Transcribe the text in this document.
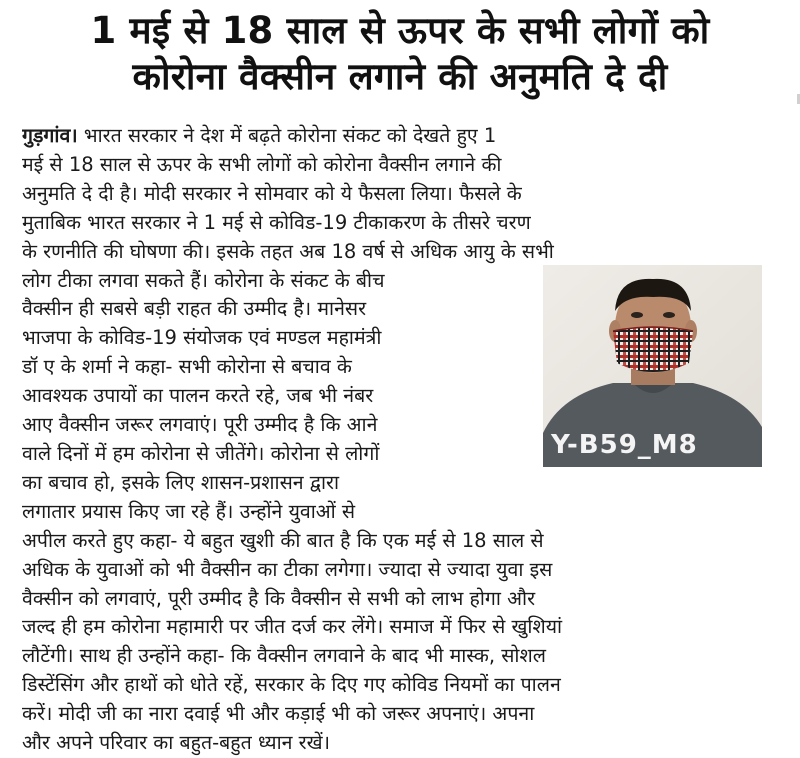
1 मई से 18 साल से ऊपर के सभी लोगों को
कोरोना वैक्सीन लगाने की अनुमति दे दी
गुड़गांव। भारत सरकार ने देश में बढ़ते कोरोना संकट को देखते हुए 1
मई से 18 साल से ऊपर के सभी लोगों को कोरोना वैक्सीन लगाने की
अनुमति दे दी है। मोदी सरकार ने सोमवार को ये फैसला लिया। फैसले के
मुताबिक भारत सरकार ने 1 मई से कोविड-19 टीकाकरण के तीसरे चरण
के रणनीति की घोषणा की। इसके तहत अब 18 वर्ष से अधिक आयु के सभी
लोग टीका लगवा सकते हैं। कोरोना के संकट के बीच
वैक्सीन ही सबसे बड़ी राहत की उम्मीद है। मानेसर
भाजपा के कोविड-19 संयोजक एवं मण्डल महामंत्री
डॉ ए के शर्मा ने कहा- सभी कोरोना से बचाव के
आवश्यक उपायों का पालन करते रहे, जब भी नंबर
आए वैक्सीन जरूर लगवाएं। पूरी उम्मीद है कि आने
वाले दिनों में हम कोरोना से जीतेंगे। कोरोना से लोगों
का बचाव हो, इसके लिए शासन-प्रशासन द्वारा
लगातार प्रयास किए जा रहे हैं। उन्होंने युवाओं से
अपील करते हुए कहा- ये बहुत खुशी की बात है कि एक मई से 18 साल से
अधिक के युवाओं को भी वैक्सीन का टीका लगेगा। ज्यादा से ज्यादा युवा इस
वैक्सीन को लगवाएं, पूरी उम्मीद है कि वैक्सीन से सभी को लाभ होगा और
जल्द ही हम कोरोना महामारी पर जीत दर्ज कर लेंगे। समाज में फिर से खुशियां
लौटेंगी। साथ ही उन्होंने कहा- कि वैक्सीन लगवाने के बाद भी मास्क, सोशल
डिस्टेंसिंग और हाथों को धोते रहें, सरकार के दिए गए कोविड नियमों का पालन
करें। मोदी जी का नारा दवाई भी और कड़ाई भी को जरूर अपनाएं। अपना
और अपने परिवार का बहुत-बहुत ध्यान रखें।
Y-B59_M8
